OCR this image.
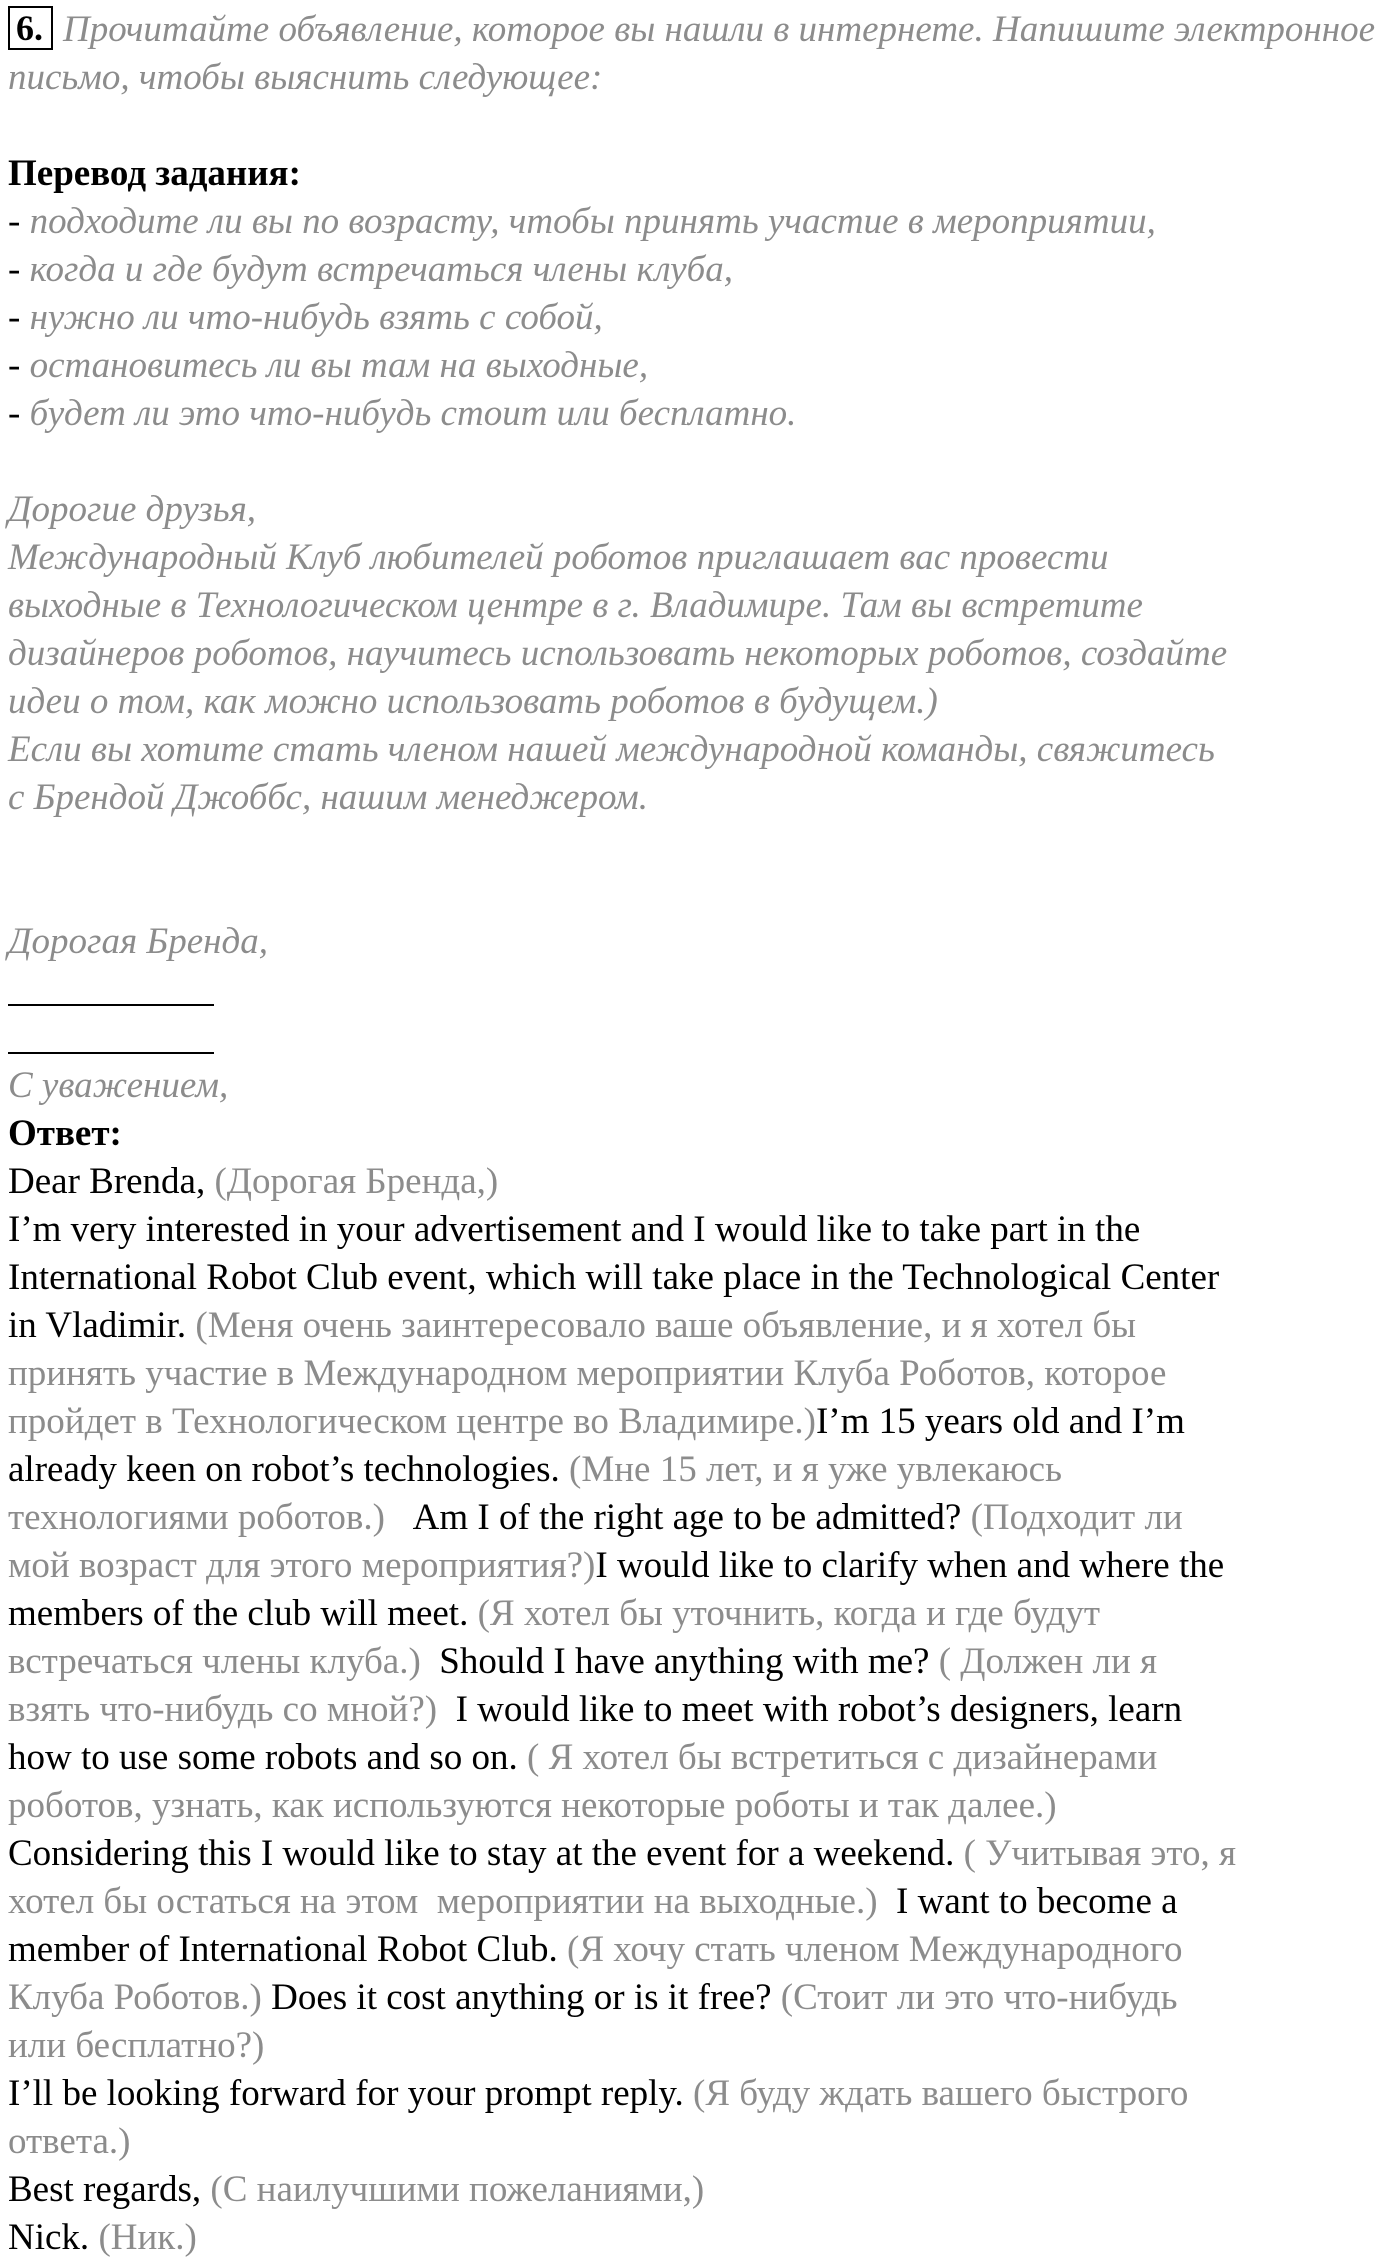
6. Прочитайте объявление, которое вы нашли в интернете. Напишите электронное
письмо, чтобы выяснить следующее:
Перевод задания:
- подходите ли вы по возрасту, чтобы принять участие в мероприятии,
- когда и где будут встречаться члены клуба,
- нужно ли что-нибудь взять с собой,
- остановитесь ли вы там на выходные,
- будет ли это что-нибудь стоит или бесплатно.
Дорогие друзья,
Международный Клуб любителей роботов приглашает вас провести
выходные в Технологическом центре в г. Владимире. Там вы встретите
дизайнеров роботов, научитесь использовать некоторых роботов, создайте
идеи о том, как можно использовать роботов в будущем.)
Если вы хотите стать членом нашей международной команды, свяжитесь
с Брендой Джоббс, нашим менеджером.
Дорогая Бренда,
С уважением,
Ответ:
Dear Brenda, (Дорогая Бренда,)
I’m very interested in your advertisement and I would like to take part in the
International Robot Club event, which will take place in the Technological Center
in Vladimir. (Меня очень заинтересовало ваше объявление, и я хотел бы
принять участие в Международном мероприятии Клуба Роботов, которое
пройдет в Технологическом центре во Владимире.)I’m 15 years old and I’m
already keen on robot’s technologies. (Мне 15 лет, и я уже увлекаюсь
технологиями роботов.)   Am I of the right age to be admitted? (Подходит ли
мой возраст для этого мероприятия?)I would like to clarify when and where the
members of the club will meet. (Я хотел бы уточнить, когда и где будут
встречаться члены клуба.)  Should I have anything with me? ( Должен ли я
взять что-нибудь со мной?)  I would like to meet with robot’s designers, learn
how to use some robots and so on. ( Я хотел бы встретиться с дизайнерами
роботов, узнать, как используются некоторые роботы и так далее.)
Considering this I would like to stay at the event for a weekend. ( Учитывая это, я
хотел бы остаться на этом  мероприятии на выходные.)  I want to become a
member of International Robot Club. (Я хочу стать членом Международного
Клуба Роботов.) Does it cost anything or is it free? (Стоит ли это что-нибудь
или бесплатно?)
I’ll be looking forward for your prompt reply. (Я буду ждать вашего быстрого
ответа.)
Best regards, (С наилучшими пожеланиями,)
Nick. (Ник.)
